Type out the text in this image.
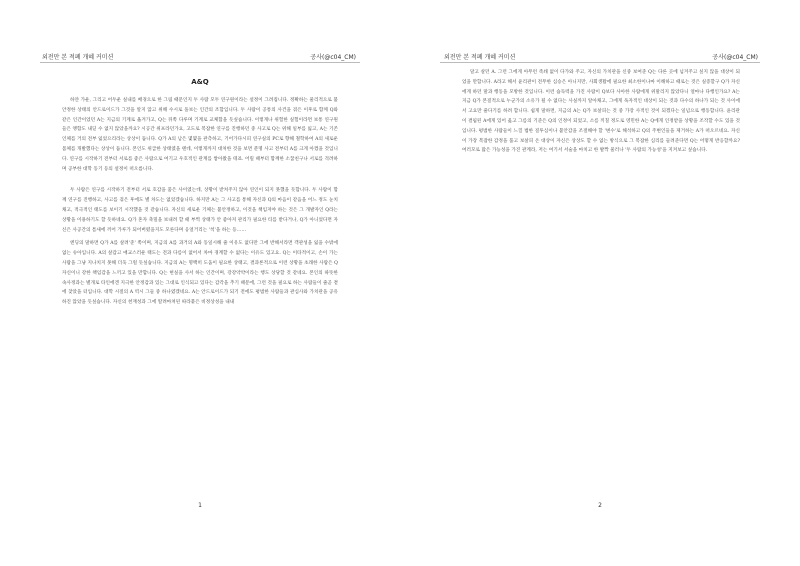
외전만 본 적폐 개혜 커미션	공사(@c04_CM)
A&Q

하얀 가운, 그리고 어두운 실내를 배경으로 한 그림 때문인지 두 사람 모두 연구원이라는 설정이 그려집니다. 정확하는 물리적으로 불안정한 상태의 안드로이드가 그것을 알지 않고 위해 수시로 돌보는 인간의 조합입니다. 두 사람이 공통의 사건을 겪은 이후로 함께 Q와 같은 인간이었던 A는 지금의 기계로 옮겨가고, Q는 뒤쪽 다루며 기계로 교체함을 듯싶습니다. 이렇게나 위험한 실험이라면 보통 연구원들은 앵함도 내딛 수 없지 않았을까요? 시공간 위프라던가요, 고도로 복잡한 연구를 진행하던 중 사고로 Q는 위해 일부를 잃고, A는 기존 인체를 거의 전부 잃었으리라는 상상이 듭니다. Q가 A의 남은 몇몇을 관측하고, 기어가다시피 연구실의 PC로 향해 철학하여 A의 새로운 몸체를 개발했다는 상상이 듭니다. 본인도 위급한 상태였을 텐데, 이렇게까지 대처한 것을 보면 분명 사고 전부터 A를 크게 아꼈을 것입니다. 연구를 시작하기 전부터 서로를 좋은 사람으로 여기고 우호적인 관계를 쌓아왔을 테죠. 어릴 때부터 함께한 소꿉친구나 서로를 격려하며 공부한 대학 동기 등의 설정이 떠오릅니다.

두 사람은 연구를 시작하기 전부터 서로 호감을 품은 사이였는데, 상황이 받쳐주지 않아 연인이 되지 못했을 듯합니다. 두 사람이 함께 연구를 진행하고, 사고를 겪은 후에도 별 차도는 없었겠습니다. 하지만 A는 그 사고를 통해 자신과 Q의 마음이 같음을 어느 정도 눈치채고, 적극적인 태도를 보이기 시작했을 것 같습니다. 자신의 새로운 기체는 불안정하고, 이것을 책임져야 하는 것은 그 개발자인 Q라는 상황을 이용하기도 할 듯하네요. Q가 혼자 축밀을 보내려 할 때 부쩍 상태가 안 좋아져 관리가 필요한 티를 받다거나, Q가 아니었다면 자신은 사공간의 틈새에 끼어 가루가 되어버렸을지도 모른다며 응얼거리는 '척'을 하는 등……

엔딩의 말하면 Q가 A를 살려'준' 쪽이며, 지금의 A를 과거의 A와 동일시해 줄 이유도 없다만 그에 반해서라면 객관성을 잃을 수밖에 없는 슈아입니다. A의 살갑고 애교스러운 태도는 전과 다름이 없어서 차마 경계할 수 없다는 이유도 있고요. Q는 이타적이고, 손이 가는 사람을 그냥 지나치지 못해 더욱 그럴 듯싶습니다. 지금의 A는 명백히 도움이 필요한 상태고, 결과론적으로 이런 상황을 초래한 사람은 Q 자신이니 강한 책임감을 느끼고 있을 만합니다. Q는 현실을 사서 하는 인간이며, 강강약약이라는 행도 상당할 것 같네요. 본인의 따뜻한 속사정과는 별개로 타인에겐 지극한 안정감과 있는 그대로 인식되고 있다는 감각을 추기 때문에, 그런 것을 필요로 하는 사람들이 줄곧 곁에 찾았을 터입니다. 대학 시절의 A 역시 그들 중 하나였겠네요. A는 안드로이드가 되기 전에도 평범한 사람들과 관심사와 가치관을 공유하진 않았을 듯싶습니다. 자신의 천재성과 그에 딸려마쳐된 따라붙은 비정상성을 내내

1
외전만 본 적폐 개혜 커미션	공사(@c04_CM)

달고 살던 A. 그런 그에게 아무런 족쇄 없이 다가와 주고, 자신의 가치관을 신중 보여준 Q는 다른 곳에 넘겨주고 싶지 않을 대상이 되었을 만합니다. A라고 해서 윤리관이 전무한 심승은 아니지만, 사회생활에 필요한 최소한이나마 이해하고 때로는 것은 실증할구 Q가 자신에게 하던 말과 행동을 모방한 것입니다. 이런 습득력을 가진 사람이 Q보다 사아한 사람에게 위말리지 않았다니 얼마나 다행인가요? A는 지금 Q가 본질적으로 누군가의 소유가 될 수 없다는 사실까지 알아채고, 그에게 독자적인 대상이 되는 것과 다수의 하나가 되는 것 사이에서 고요만 줄다기를 하려 합니다. 쉽게 말하면, 지금의 A는 Q가 보살피는 것 중 가장 사적인 것이 되겠다는 일념으로 행동합니다. 윤리관이 결핍된 A에게 있어 옳고 그름의 기준은 Q의 인정이 되었고, 소름 끼칠 정도로 영민한 A는 Q에게 인정받을 상황을 조작할 수도 있을 것입니다. 평범한 사람들이 느낄 법한 질투심이나 불안감을 조절해야 할 '변수'로 해석하고 Q의 주변인들을 제거하는 A가 떠오르네요. 자신이 가장 복잡한 감정을 품고 보살피 온 대상이 자신은 상상도 할 수 없는 방식으로 그 복잡한 심리를 들려준다면 Q는 어떻게 반응할까요? 여러모로 많은 가능성을 가진 관계라, 저는 여기서 서술을 마치고 한 발짝 물러나 '두 사람의 가능성'을 지켜보고 싶습니다.

2
